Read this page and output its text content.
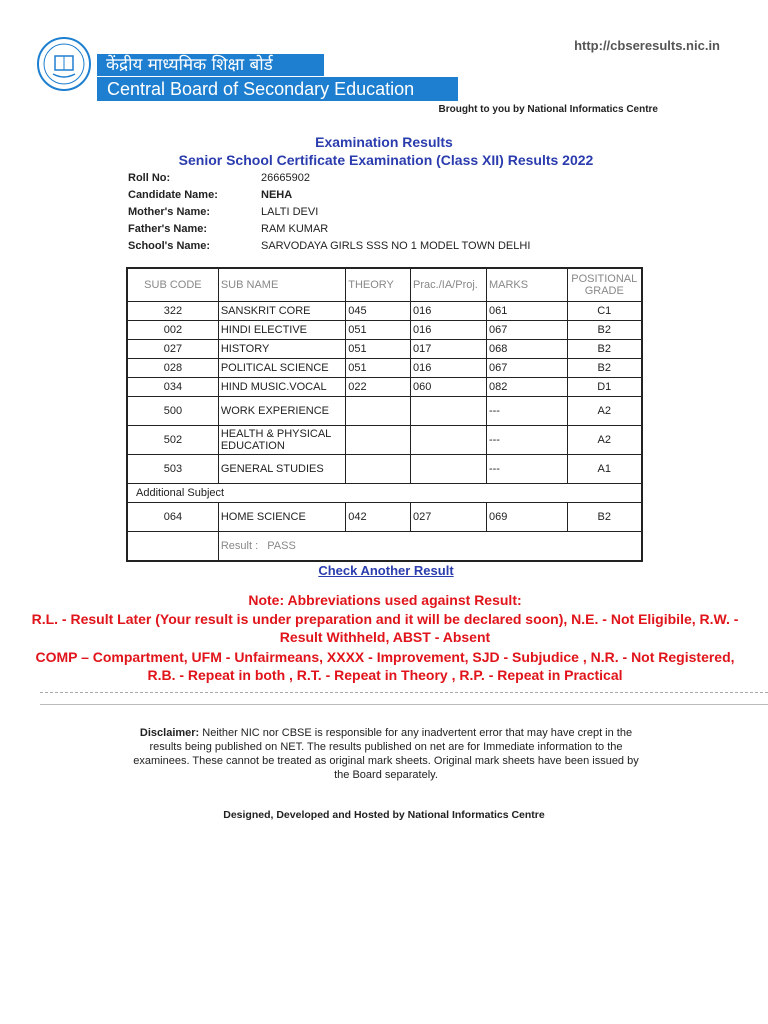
http://cbseresults.nic.in
केंद्रीय माध्यमिक शिक्षा बोर्ड
Central Board of Secondary Education
Brought to you by National Informatics Centre
Examination Results
Senior School Certificate Examination (Class XII) Results 2022
Roll No:	26665902
Candidate Name:	NEHA
Mother's Name:	LALTI DEVI
Father's Name:	RAM KUMAR
School's Name:	SARVODAYA GIRLS SSS NO 1 MODEL TOWN DELHI
SUB CODE	SUB NAME	THEORY	Prac./IA/Proj.	MARKS	POSITIONAL GRADE
322	SANSKRIT CORE	045	016	061	C1
002	HINDI ELECTIVE	051	016	067	B2
027	HISTORY	051	017	068	B2
028	POLITICAL SCIENCE	051	016	067	B2
034	HIND MUSIC.VOCAL	022	060	082	D1
500	WORK EXPERIENCE			---	A2
502	HEALTH & PHYSICAL EDUCATION			---	A2
503	GENERAL STUDIES			---	A1
Additional Subject					
064	HOME SCIENCE	042	027	069	B2
	Result :   PASS				
Check Another Result
Note: Abbreviations used against Result:
R.L. - Result Later (Your result is under preparation and it will be declared soon), N.E. - Not Eligibile, R.W. - Result Withheld, ABST - Absent
COMP – Compartment, UFM - Unfairmeans, XXXX - Improvement, SJD - Subjudice , N.R. - Not Registered, R.B. - Repeat in both , R.T. - Repeat in Theory , R.P. - Repeat in Practical
Disclaimer: Neither NIC nor CBSE is responsible for any inadvertent error that may have crept in the results being published on NET. The results published on net are for Immediate information to the examinees. These cannot be treated as original mark sheets. Original mark sheets have been issued by the Board separately.
Designed, Developed and Hosted by National Informatics Centre
